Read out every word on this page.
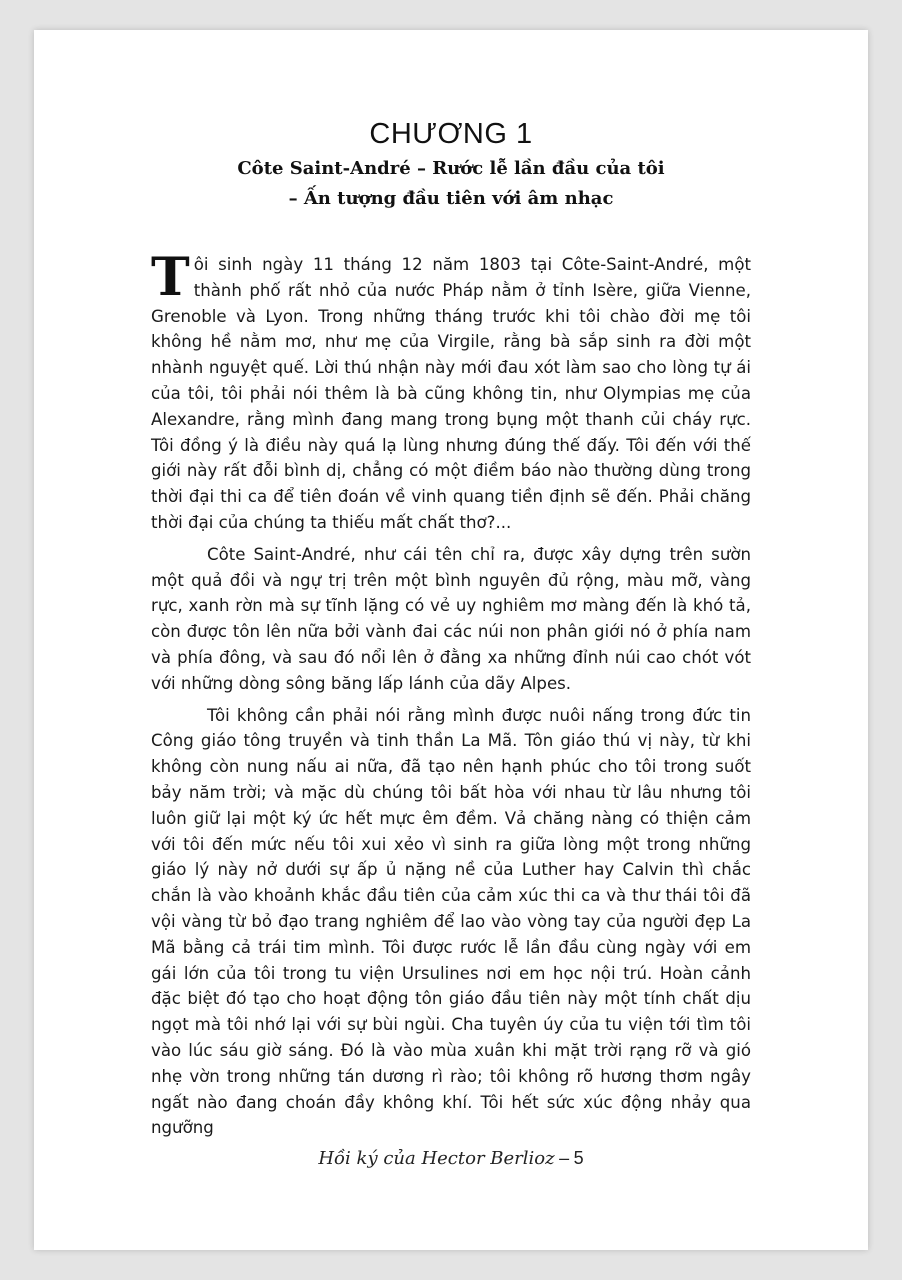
CHƯƠNG 1
Côte Saint-André – Rước lễ lần đầu của tôi
– Ấn tượng đầu tiên với âm nhạc

Tôi sinh ngày 11 tháng 12 năm 1803 tại Côte-Saint-André, một thành phố rất nhỏ của nước Pháp nằm ở tỉnh Isère, giữa Vienne, Grenoble và Lyon. Trong những tháng trước khi tôi chào đời mẹ tôi không hề nằm mơ, như mẹ của Virgile, rằng bà sắp sinh ra đời một nhành nguyệt quế. Lời thú nhận này mới đau xót làm sao cho lòng tự ái của tôi, tôi phải nói thêm là bà cũng không tin, như Olympias mẹ của Alexandre, rằng mình đang mang trong bụng một thanh củi cháy rực. Tôi đồng ý là điều này quá lạ lùng nhưng đúng thế đấy. Tôi đến với thế giới này rất đỗi bình dị, chẳng có một điềm báo nào thường dùng trong thời đại thi ca để tiên đoán về vinh quang tiền định sẽ đến. Phải chăng thời đại của chúng ta thiếu mất chất thơ?...

Côte Saint-André, như cái tên chỉ ra, được xây dựng trên sườn một quả đồi và ngự trị trên một bình nguyên đủ rộng, màu mỡ, vàng rực, xanh rờn mà sự tĩnh lặng có vẻ uy nghiêm mơ màng đến là khó tả, còn được tôn lên nữa bởi vành đai các núi non phân giới nó ở phía nam và phía đông, và sau đó nổi lên ở đằng xa những đỉnh núi cao chót vót với những dòng sông băng lấp lánh của dãy Alpes.

Tôi không cần phải nói rằng mình được nuôi nấng trong đức tin Công giáo tông truyền và tinh thần La Mã. Tôn giáo thú vị này, từ khi không còn nung nấu ai nữa, đã tạo nên hạnh phúc cho tôi trong suốt bảy năm trời; và mặc dù chúng tôi bất hòa với nhau từ lâu nhưng tôi luôn giữ lại một ký ức hết mực êm đềm. Vả chăng nàng có thiện cảm với tôi đến mức nếu tôi xui xẻo vì sinh ra giữa lòng một trong những giáo lý này nở dưới sự ấp ủ nặng nề của Luther hay Calvin thì chắc chắn là vào khoảnh khắc đầu tiên của cảm xúc thi ca và thư thái tôi đã vội vàng từ bỏ đạo trang nghiêm để lao vào vòng tay của người đẹp La Mã bằng cả trái tim mình. Tôi được rước lễ lần đầu cùng ngày với em gái lớn của tôi trong tu viện Ursulines nơi em học nội trú. Hoàn cảnh đặc biệt đó tạo cho hoạt động tôn giáo đầu tiên này một tính chất dịu ngọt mà tôi nhớ lại với sự bùi ngùi. Cha tuyên úy của tu viện tới tìm tôi vào lúc sáu giờ sáng. Đó là vào mùa xuân khi mặt trời rạng rỡ và gió nhẹ vờn trong những tán dương rì rào; tôi không rõ hương thơm ngây ngất nào đang choán đầy không khí. Tôi hết sức xúc động nhảy qua ngưỡng

Hồi ký của Hector Berlioz – 5
